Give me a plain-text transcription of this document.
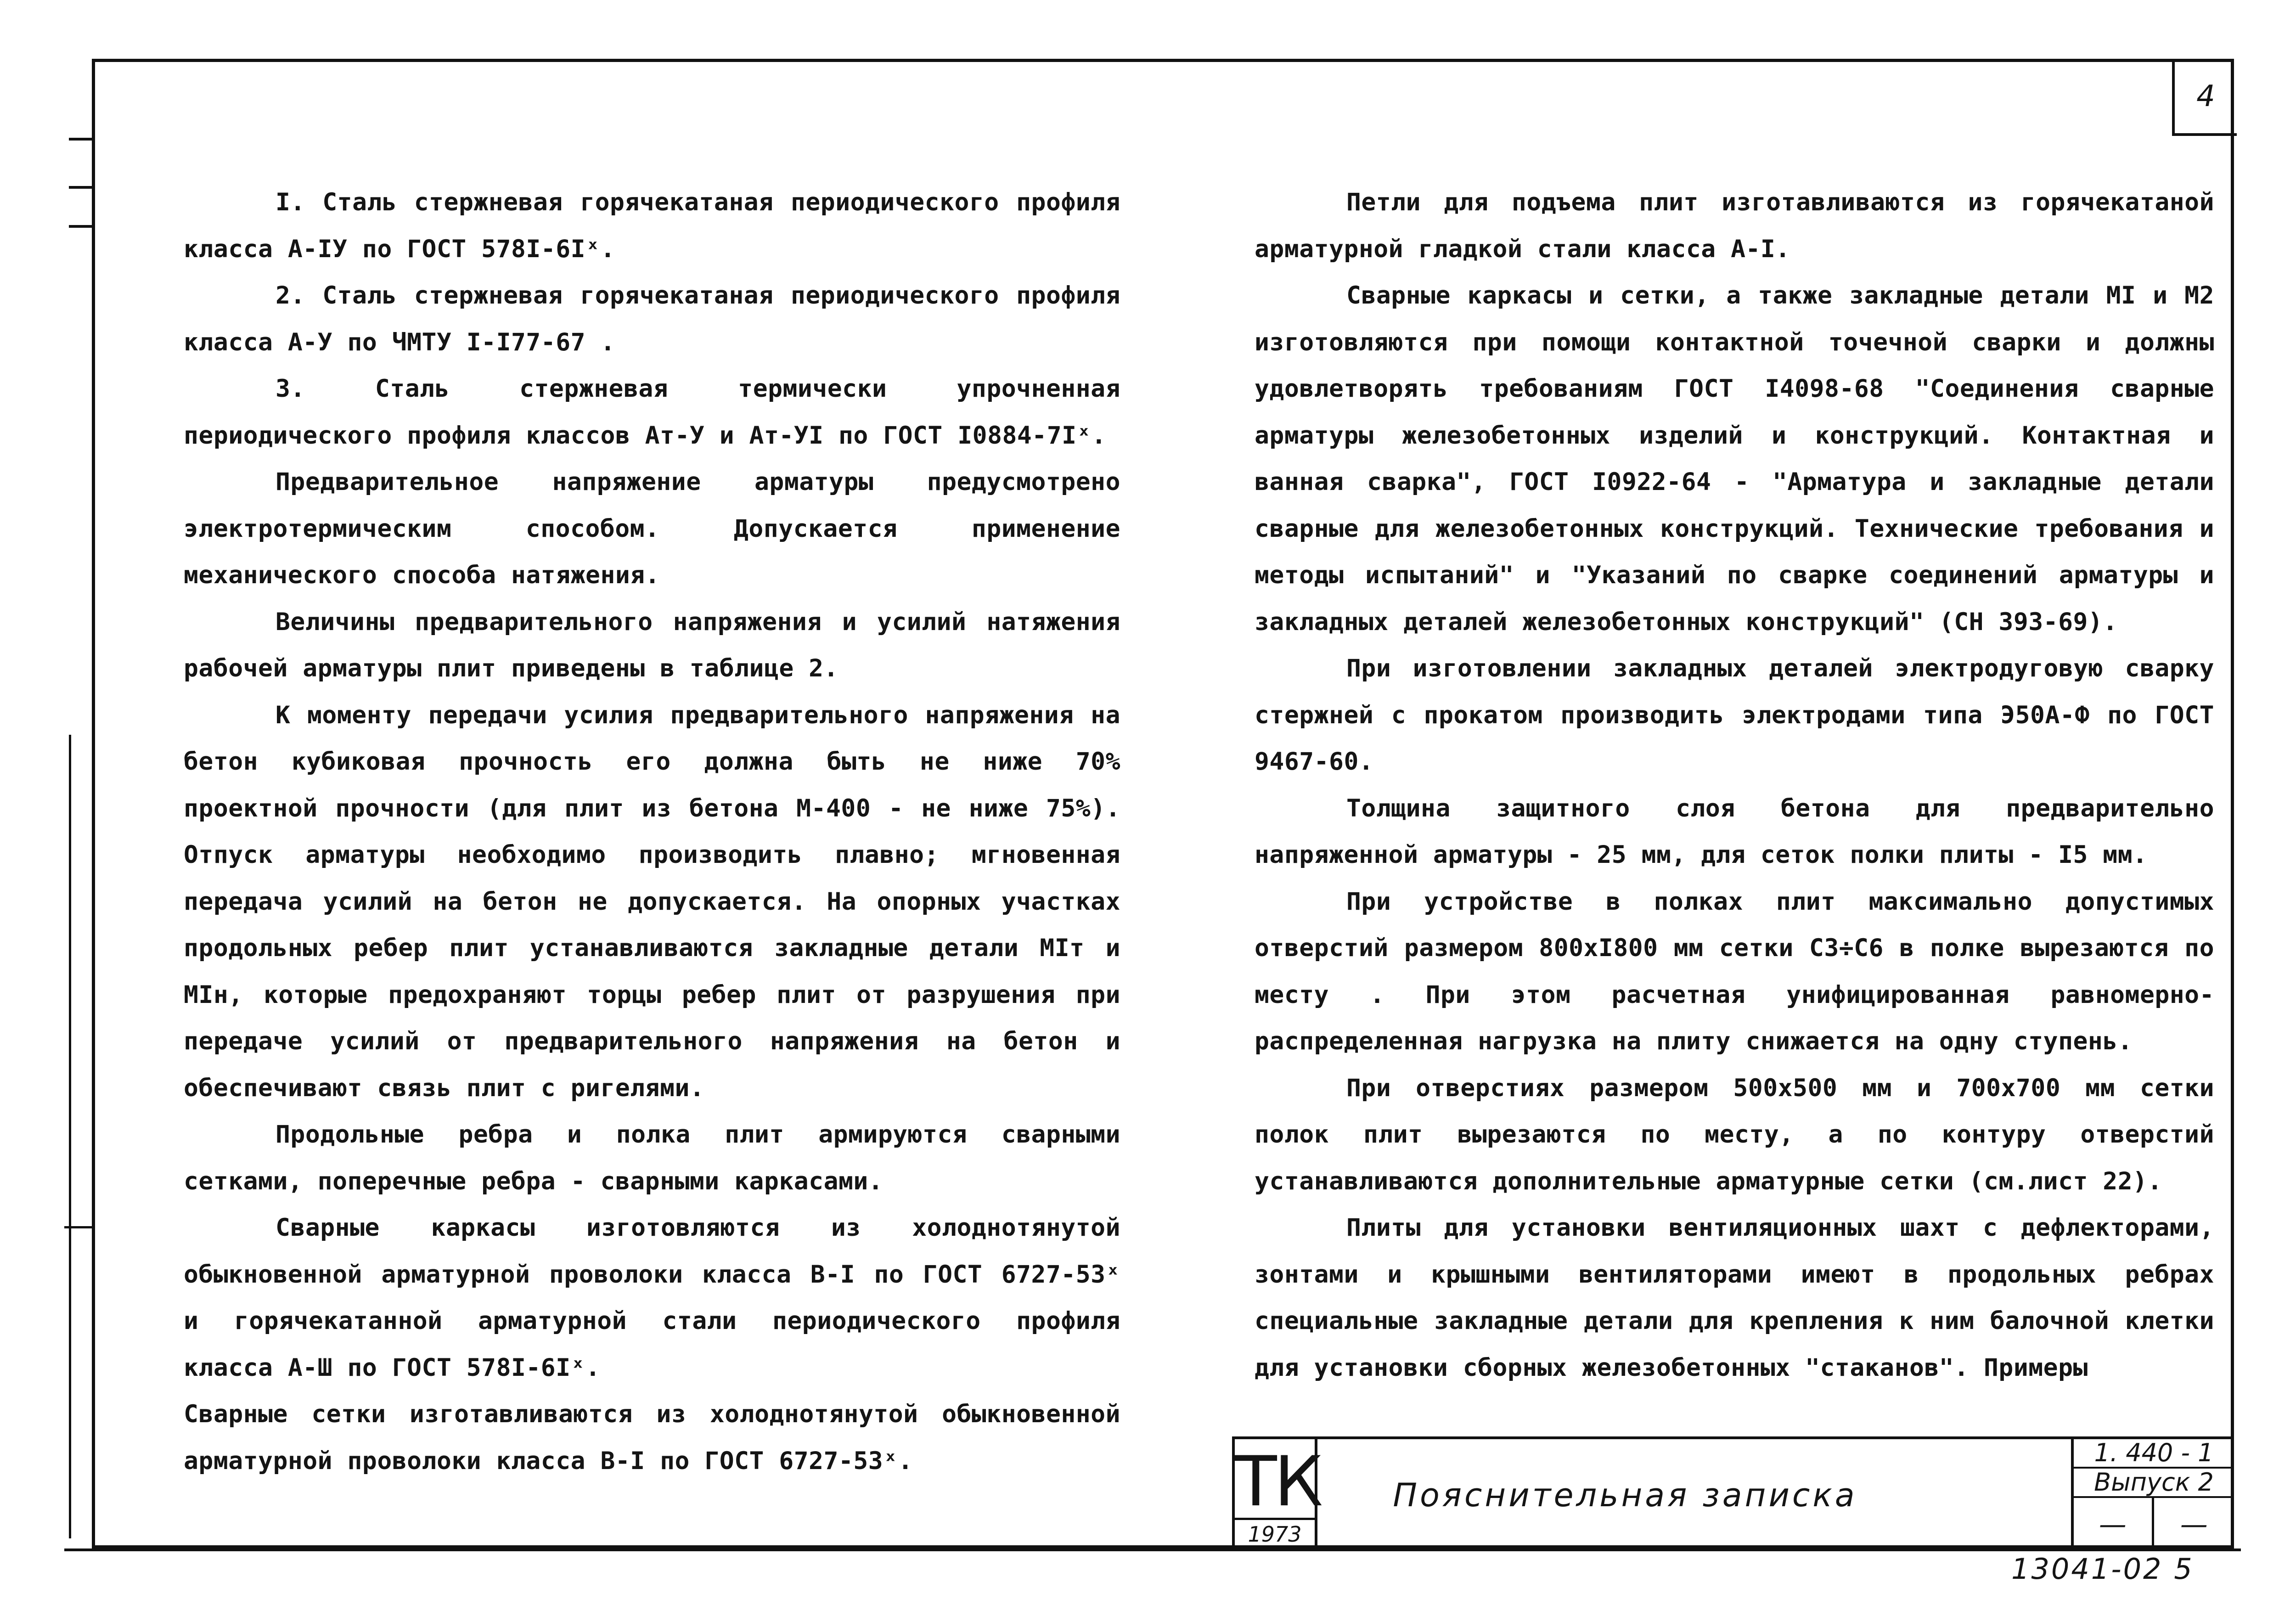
4

I. Сталь стержневая горячекатаная периодического профиля класса А-IУ по ГОСТ 578I-6Iˣ.

2. Сталь стержневая горячекатаная периодического профиля класса А-У по ЧМТУ I-I77-67 .

3. Сталь стержневая термически упрочненная периодического профиля классов Ат-У и Ат-УI по ГОСТ I0884-7Iˣ.

Предварительное напряжение арматуры предусмотрено электротермическим способом. Допускается применение механического способа натяжения.

Величины предварительного напряжения и усилий натяжения рабочей арматуры плит приведены в таблице 2.

К моменту передачи усилия предварительного напряжения на бетон кубиковая прочность его должна быть не ниже 70% проектной прочности (для плит из бетона М-400 - не ниже 75%). Отпуск арматуры необходимо производить плавно; мгновенная передача усилий на бетон не допускается. На опорных участках продольных ребер плит устанавливаются закладные детали МIт и МIн, которые предохраняют торцы ребер плит от разрушения при передаче усилий от предварительного напряжения на бетон и обеспечивают связь плит с ригелями.

Продольные ребра и полка плит армируются сварными сетками, поперечные ребра - сварными каркасами.

Сварные каркасы изготовляются из холоднотянутой обыкновенной арматурной проволоки класса В-I по ГОСТ 6727-53ˣ и горячекатанной арматурной стали периодического профиля класса А-Ш по ГОСТ 578I-6Iˣ.

Сварные сетки изготавливаются из холоднотянутой обыкновенной арматурной проволоки класса В-I по ГОСТ 6727-53ˣ.

Петли для подъема плит изготавливаются из горячекатаной арматурной гладкой стали класса А-I.

Сварные каркасы и сетки, а также закладные детали МI и М2 изготовляются при помощи контактной точечной сварки и должны удовлетворять требованиям ГОСТ I4098-68 "Соединения сварные арматуры железобетонных изделий и конструкций. Контактная и ванная сварка", ГОСТ I0922-64 - "Арматура и закладные детали сварные для железобетонных конструкций. Технические требования и методы испытаний" и "Указаний по сварке соединений арматуры и закладных деталей железобетонных конструкций" (СН 393-69).

При изготовлении закладных деталей электродуговую сварку стержней с прокатом производить электродами типа Э50А-Ф по ГОСТ 9467-60.

Толщина защитного слоя бетона для предварительно напряженной арматуры - 25 мм, для сеток полки плиты - I5 мм.

При устройстве в полках плит максимально допустимых отверстий размером 800хI800 мм сетки С3÷С6 в полке вырезаются по месту . При этом расчетная унифицированная равномерно-распределенная нагрузка на плиту снижается на одну ступень.

При отверстиях размером 500х500 мм и 700х700 мм сетки полок плит вырезаются по месту, а по контуру отверстий устанавливаются дополнительные арматурные сетки (см.лист 22).

Плиты для установки вентиляционных шахт с дефлекторами, зонтами и крышными вентиляторами имеют в продольных ребрах специальные закладные детали для крепления к ним балочной клетки для установки сборных железобетонных "стаканов". Примеры

ТК
1973
Пояснительная записка
1. 440 - 1
Выпуск 2
—	—
13041-02 5
